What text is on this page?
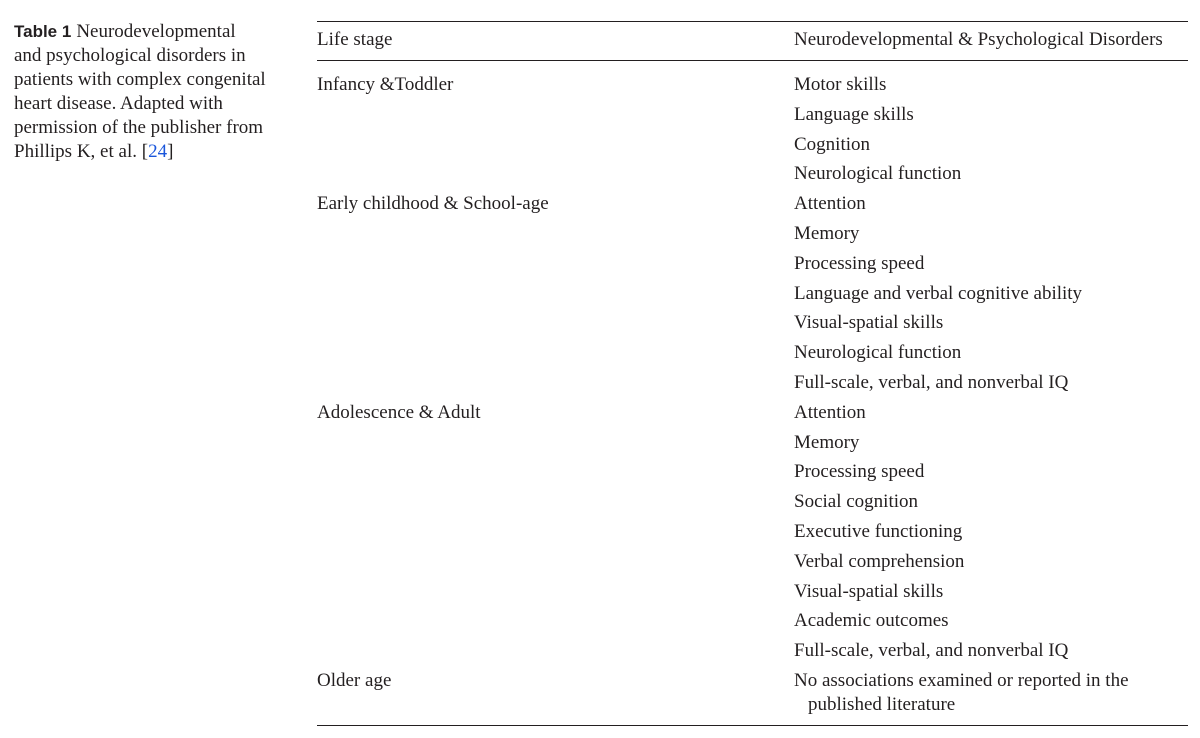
Table 1 Neurodevelopmental and psychological disorders in patients with complex congenital heart disease. Adapted with permission of the publisher from Phillips K, et al. [24]
Life stage	Neurodevelopmental & Psychological Disorders
Infancy &Toddler	Motor skills
Language skills
Cognition
Neurological function
Early childhood & School-age	Attention
Memory
Processing speed
Language and verbal cognitive ability
Visual-spatial skills
Neurological function
Full-scale, verbal, and nonverbal IQ
Adolescence & Adult	Attention
Memory
Processing speed
Social cognition
Executive functioning
Verbal comprehension
Visual-spatial skills
Academic outcomes
Full-scale, verbal, and nonverbal IQ
Older age	No associations examined or reported in the published literature
